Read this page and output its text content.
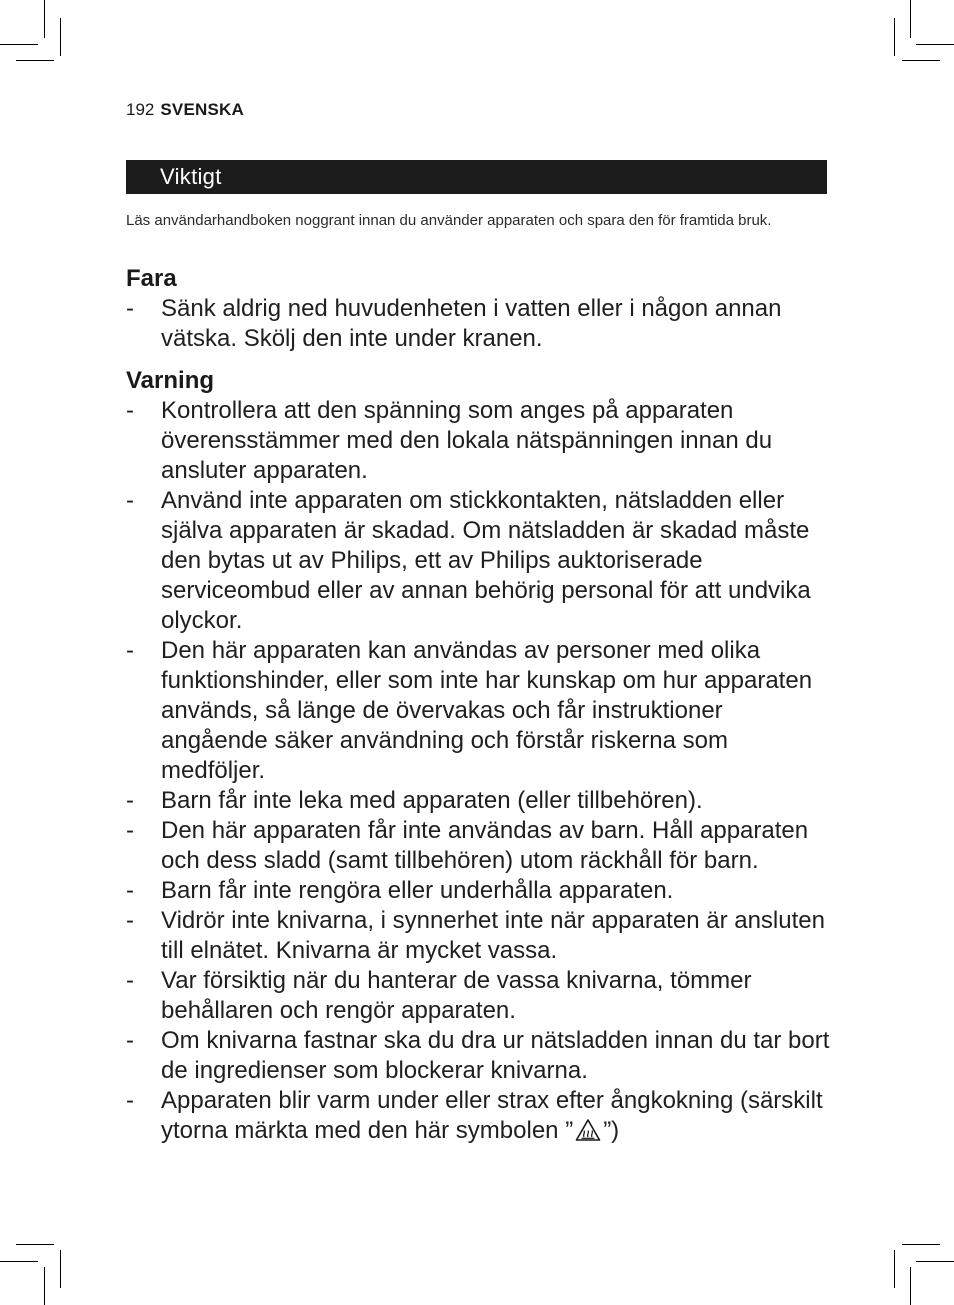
192 SVENSKA
Viktigt
Läs användarhandboken noggrant innan du använder apparaten och spara den för framtida bruk.
Fara
- Sänk aldrig ned huvudenheten i vatten eller i någon annan vätska. Skölj den inte under kranen.
Varning
- Kontrollera att den spänning som anges på apparaten överensstämmer med den lokala nätspänningen innan du ansluter apparaten.
- Använd inte apparaten om stickkontakten, nätsladden eller själva apparaten är skadad. Om nätsladden är skadad måste den bytas ut av Philips, ett av Philips auktoriserade serviceombud eller av annan behörig personal för att undvika olyckor.
- Den här apparaten kan användas av personer med olika funktionshinder, eller som inte har kunskap om hur apparaten används, så länge de övervakas och får instruktioner angående säker användning och förstår riskerna som medföljer.
- Barn får inte leka med apparaten (eller tillbehören).
- Den här apparaten får inte användas av barn. Håll apparaten och dess sladd (samt tillbehören) utom räckhåll för barn.
- Barn får inte rengöra eller underhålla apparaten.
- Vidrör inte knivarna, i synnerhet inte när apparaten är ansluten till elnätet. Knivarna är mycket vassa.
- Var försiktig när du hanterar de vassa knivarna, tömmer behållaren och rengör apparaten.
- Om knivarna fastnar ska du dra ur nätsladden innan du tar bort de ingredienser som blockerar knivarna.
- Apparaten blir varm under eller strax efter ångkokning (särskilt ytorna märkta med den här symbolen ” ”)
